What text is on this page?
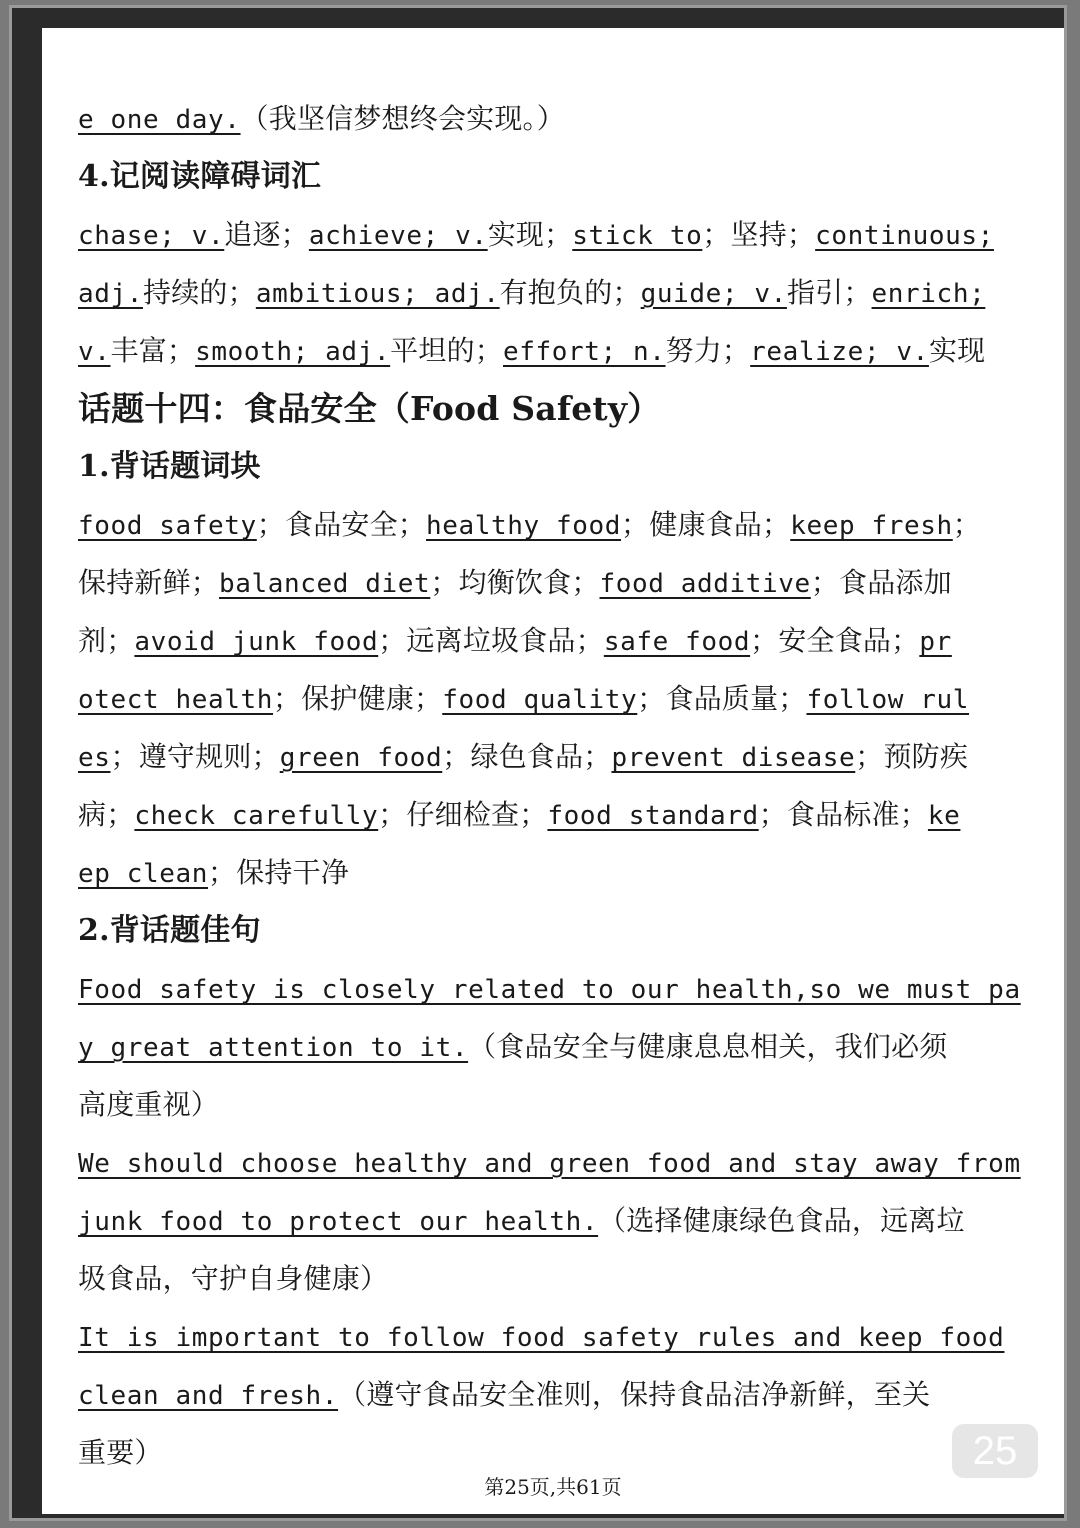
e one day.（我坚信梦想终会实现。）
4.记阅读障碍词汇
chase; v.追逐；achieve; v.实现；stick to；坚持；continuous;
adj.持续的；ambitious; adj.有抱负的；guide; v.指引；enrich;
v.丰富；smooth; adj.平坦的；effort; n.努力；realize; v.实现
话题十四：食品安全（Food Safety）
1.背话题词块
food safety；食品安全；healthy food；健康食品；keep fresh；
保持新鲜；balanced diet；均衡饮食；food additive；食品添加
剂；avoid junk food；远离垃圾食品；safe food；安全食品；pr
otect health；保护健康；food quality；食品质量；follow rul
es；遵守规则；green food；绿色食品；prevent disease；预防疾
病；check carefully；仔细检查；food standard；食品标准；ke
ep clean；保持干净
2.背话题佳句
Food safety is closely related to our health,so we must pa
y great attention to it.（食品安全与健康息息相关，我们必须
高度重视）
We should choose healthy and green food and stay away from
junk food to protect our health.（选择健康绿色食品，远离垃
圾食品，守护自身健康）
It is important to follow food safety rules and keep food
clean and fresh.（遵守食品安全准则，保持食品洁净新鲜，至关
重要）	25
第25页,共61页
